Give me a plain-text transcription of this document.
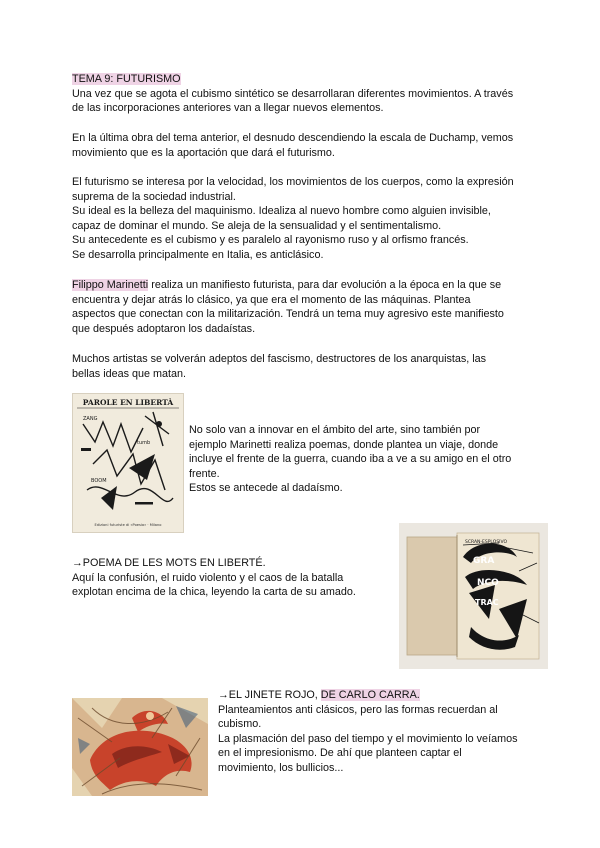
TEMA 9: FUTURISMO

Una vez que se agota el cubismo sintético se desarrollaran diferentes movimientos. A través

de las incorporaciones anteriores van a llegar nuevos elementos.

En la última obra del tema anterior, el desnudo descendiendo la escala de Duchamp, vemos

movimiento que es la aportación que dará el futurismo.

El futurismo se interesa por la velocidad, los movimientos de los cuerpos, como la expresión

suprema de la sociedad industrial.

Su ideal es la belleza del maquinismo. Idealiza al nuevo hombre como alguien invisible,

capaz de dominar el mundo. Se aleja de la sensualidad y el sentimentalismo.

Su antecedente es el cubismo y es paralelo al rayonismo ruso y al orfismo francés.

Se desarrolla principalmente en Italia, es anticlásico.

Filippo Marinetti realiza un manifiesto futurista, para dar evolución a la época en la que se

encuentra y dejar atrás lo clásico, ya que era el momento de las máquinas. Plantea

aspectos que conectan con la militarización. Tendrá un tema muy agresivo este manifiesto

que después adoptaron los dadaístas.

Muchos artistas se volverán adeptos del fascismo, destructores de los anarquistas, las

bellas ideas que matan.

PAROLE EN LIBERTÀ
ZANG
tumb
BOOM
Edizioni futuriste di «Poesia» · Milano

No solo van a innovar en el ámbito del arte, sino también por

ejemplo Marinetti realiza poemas, donde plantea un viaje, donde

incluye el frente de la guerra, cuando iba a ve a su amigo en el otro

frente.

Estos se antecede al dadaísmo.

GRA
NCO
TRAC
SCRAN-ESPLOSIVO

→POEMA DE LES MOTS EN LIBERTÉ.

Aquí la confusión, el ruido violento y el caos de la batalla

explotan encima de la chica, leyendo la carta de su amado.

→EL JINETE ROJO, DE CARLO CARRA.

Planteamientos anti clásicos, pero las formas recuerdan al

cubismo.

La plasmación del paso del tiempo y el movimiento lo veíamos

en el impresionismo. De ahí que planteen captar el

movimiento, los bullicios...
